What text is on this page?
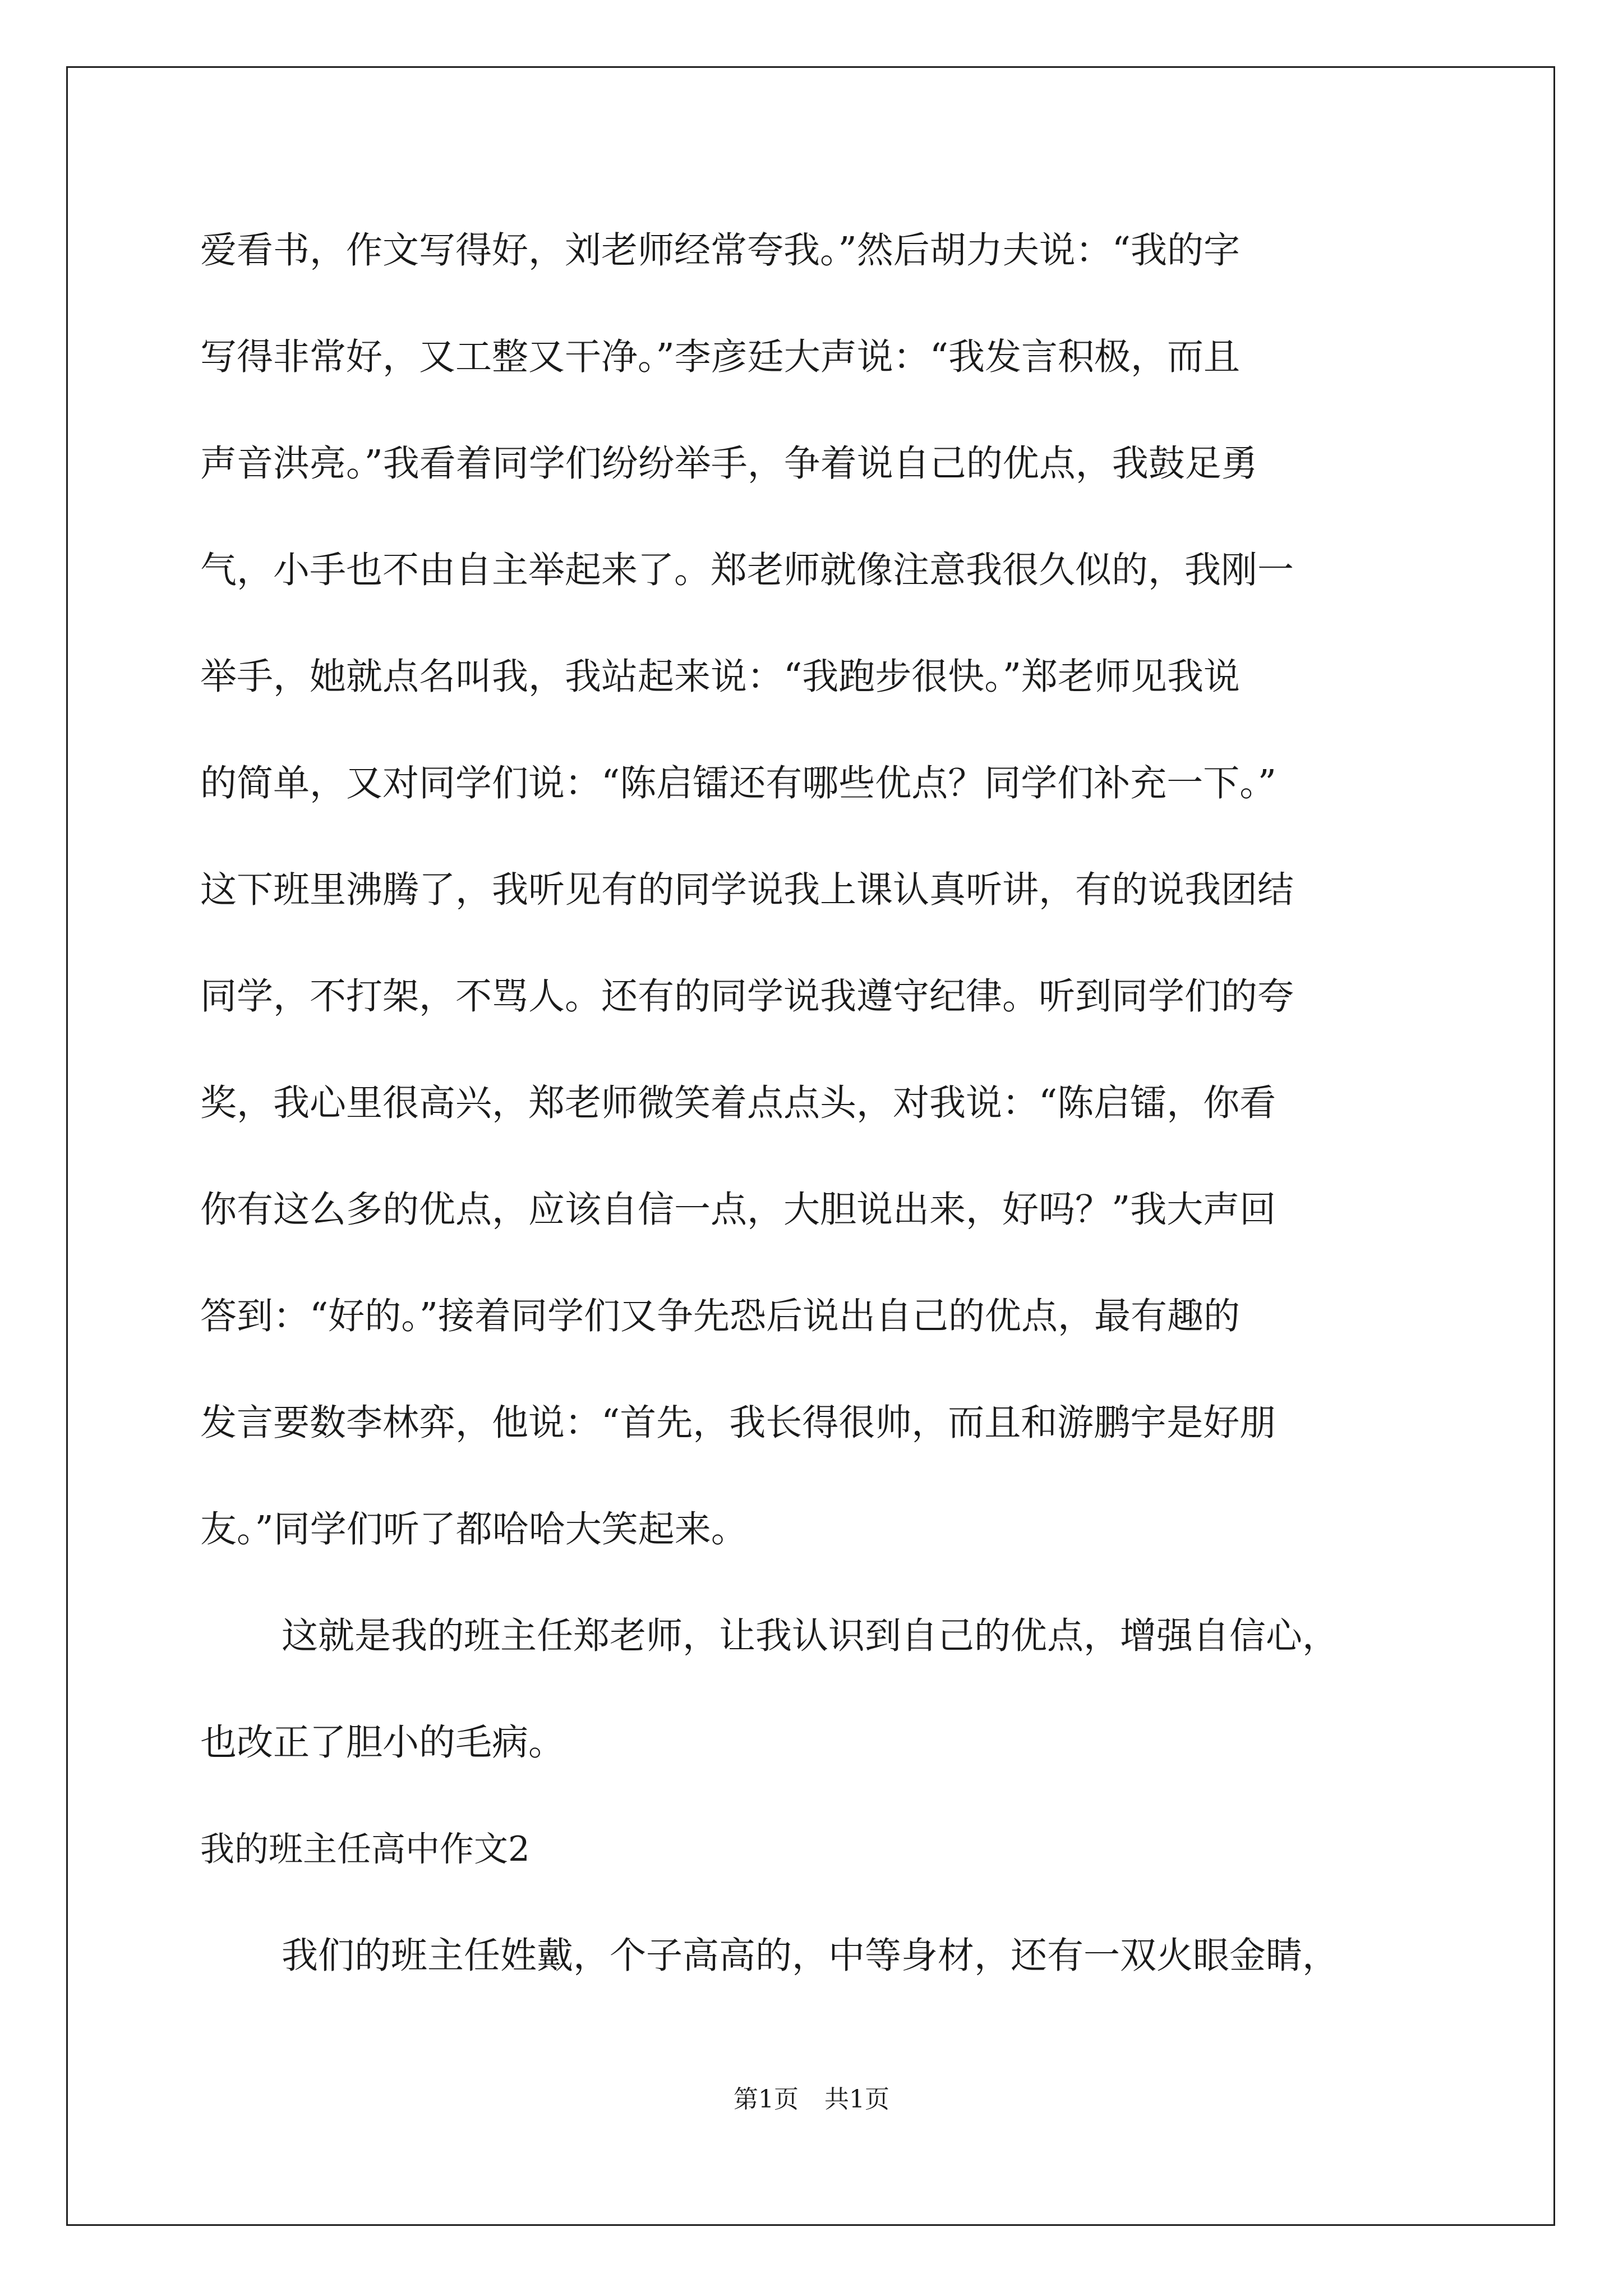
爱看书，作文写得好，刘老师经常夸我。”然后胡力夫说：“我的字
写得非常好，又工整又干净。”李彦廷大声说：“我发言积极，而且
声音洪亮。”我看着同学们纷纷举手，争着说自己的优点，我鼓足勇
气，小手也不由自主举起来了。郑老师就像注意我很久似的，我刚一
举手，她就点名叫我，我站起来说：“我跑步很快。”郑老师见我说
的简单，又对同学们说：“陈启镭还有哪些优点？同学们补充一下。”
这下班里沸腾了，我听见有的同学说我上课认真听讲，有的说我团结
同学，不打架，不骂人。还有的同学说我遵守纪律。听到同学们的夸
奖，我心里很高兴，郑老师微笑着点点头，对我说：“陈启镭，你看
你有这么多的优点，应该自信一点，大胆说出来，好吗？”我大声回
答到：“好的。”接着同学们又争先恐后说出自己的优点，最有趣的
发言要数李林弈，他说：“首先，我长得很帅，而且和游鹏宇是好朋
友。”同学们听了都哈哈大笑起来。
这就是我的班主任郑老师，让我认识到自己的优点，增强自信心，
也改正了胆小的毛病。
我的班主任高中作文2
我们的班主任姓戴，个子高高的，中等身材，还有一双火眼金睛，
第1页 共1页
